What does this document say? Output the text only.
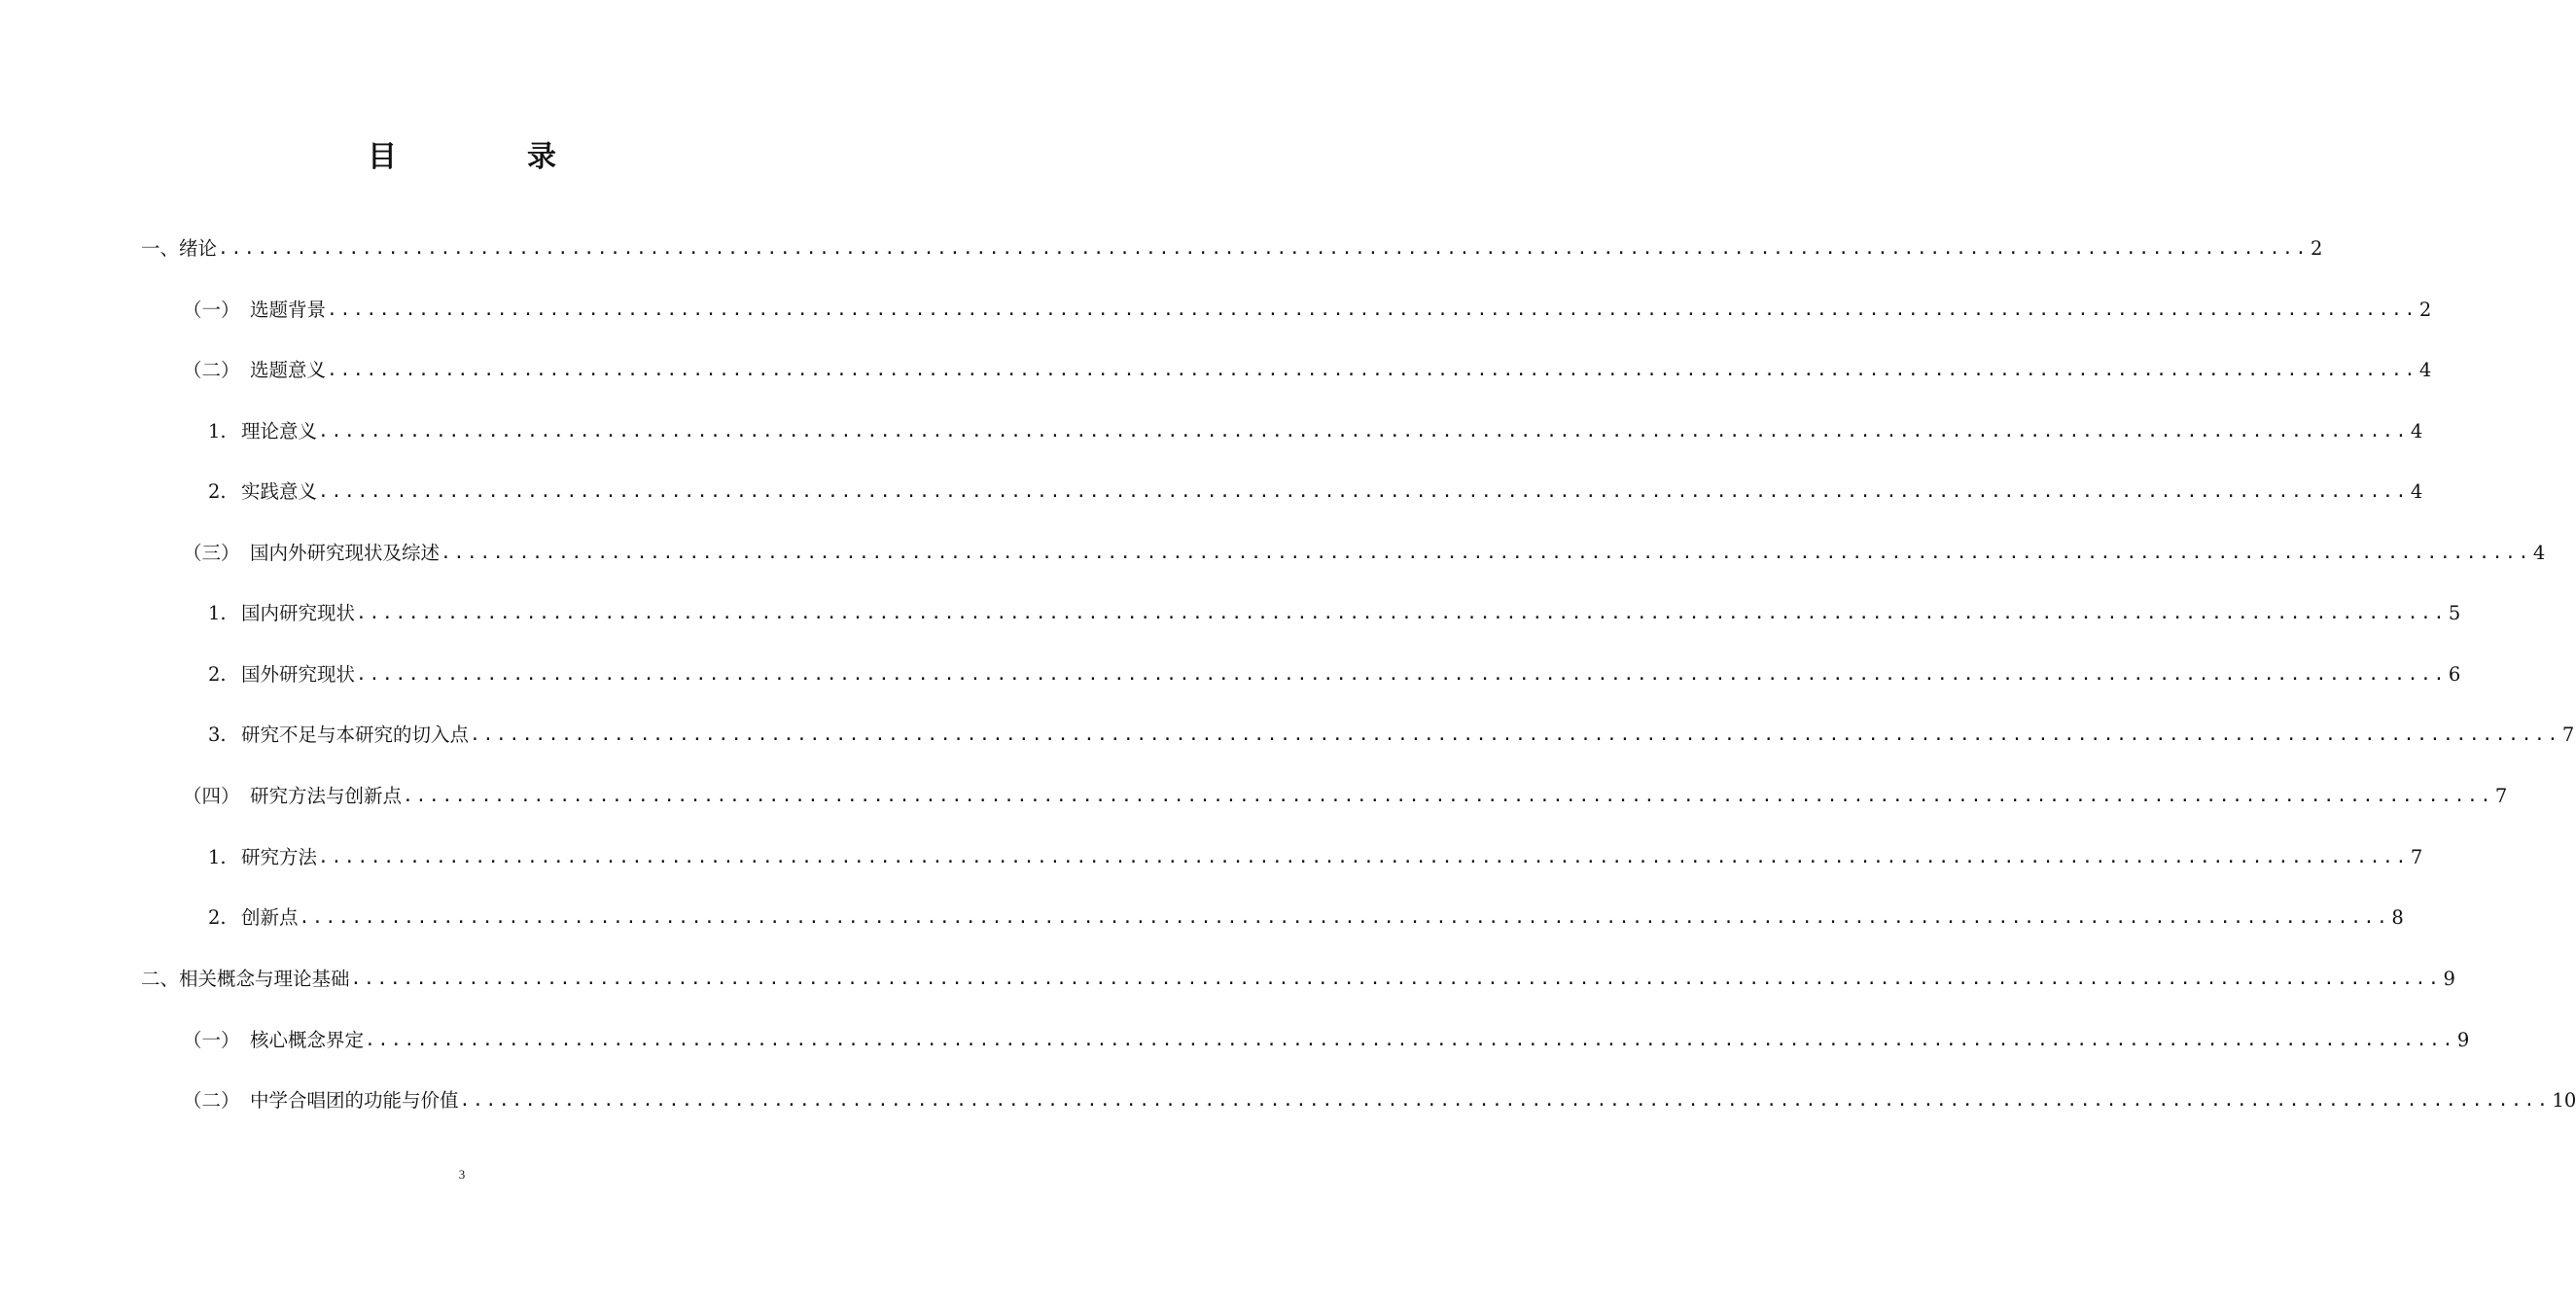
目　录
一、 绪论 ................................................................................................................................................................ 2
（一） 选题背景 ................................................................................................................................................................ 2
（二） 选题意义 ................................................................................................................................................................ 4
1. 理论意义 ................................................................................................................................................................ 4
2. 实践意义 ................................................................................................................................................................ 4
（三） 国内外研究现状及综述 ................................................................................................................................................................ 4
1. 国内研究现状 ................................................................................................................................................................ 5
2. 国外研究现状 ................................................................................................................................................................ 6
3. 研究不足与本研究的切入点 ................................................................................................................................................................ 7
（四） 研究方法与创新点 ................................................................................................................................................................ 7
1. 研究方法 ................................................................................................................................................................ 7
2. 创新点 ................................................................................................................................................................ 8
二、 相关概念与理论基础 ................................................................................................................................................................ 9
（一） 核心概念界定 ................................................................................................................................................................ 9
（二） 中学合唱团的功能与价值 ................................................................................................................................................................ 10
3
